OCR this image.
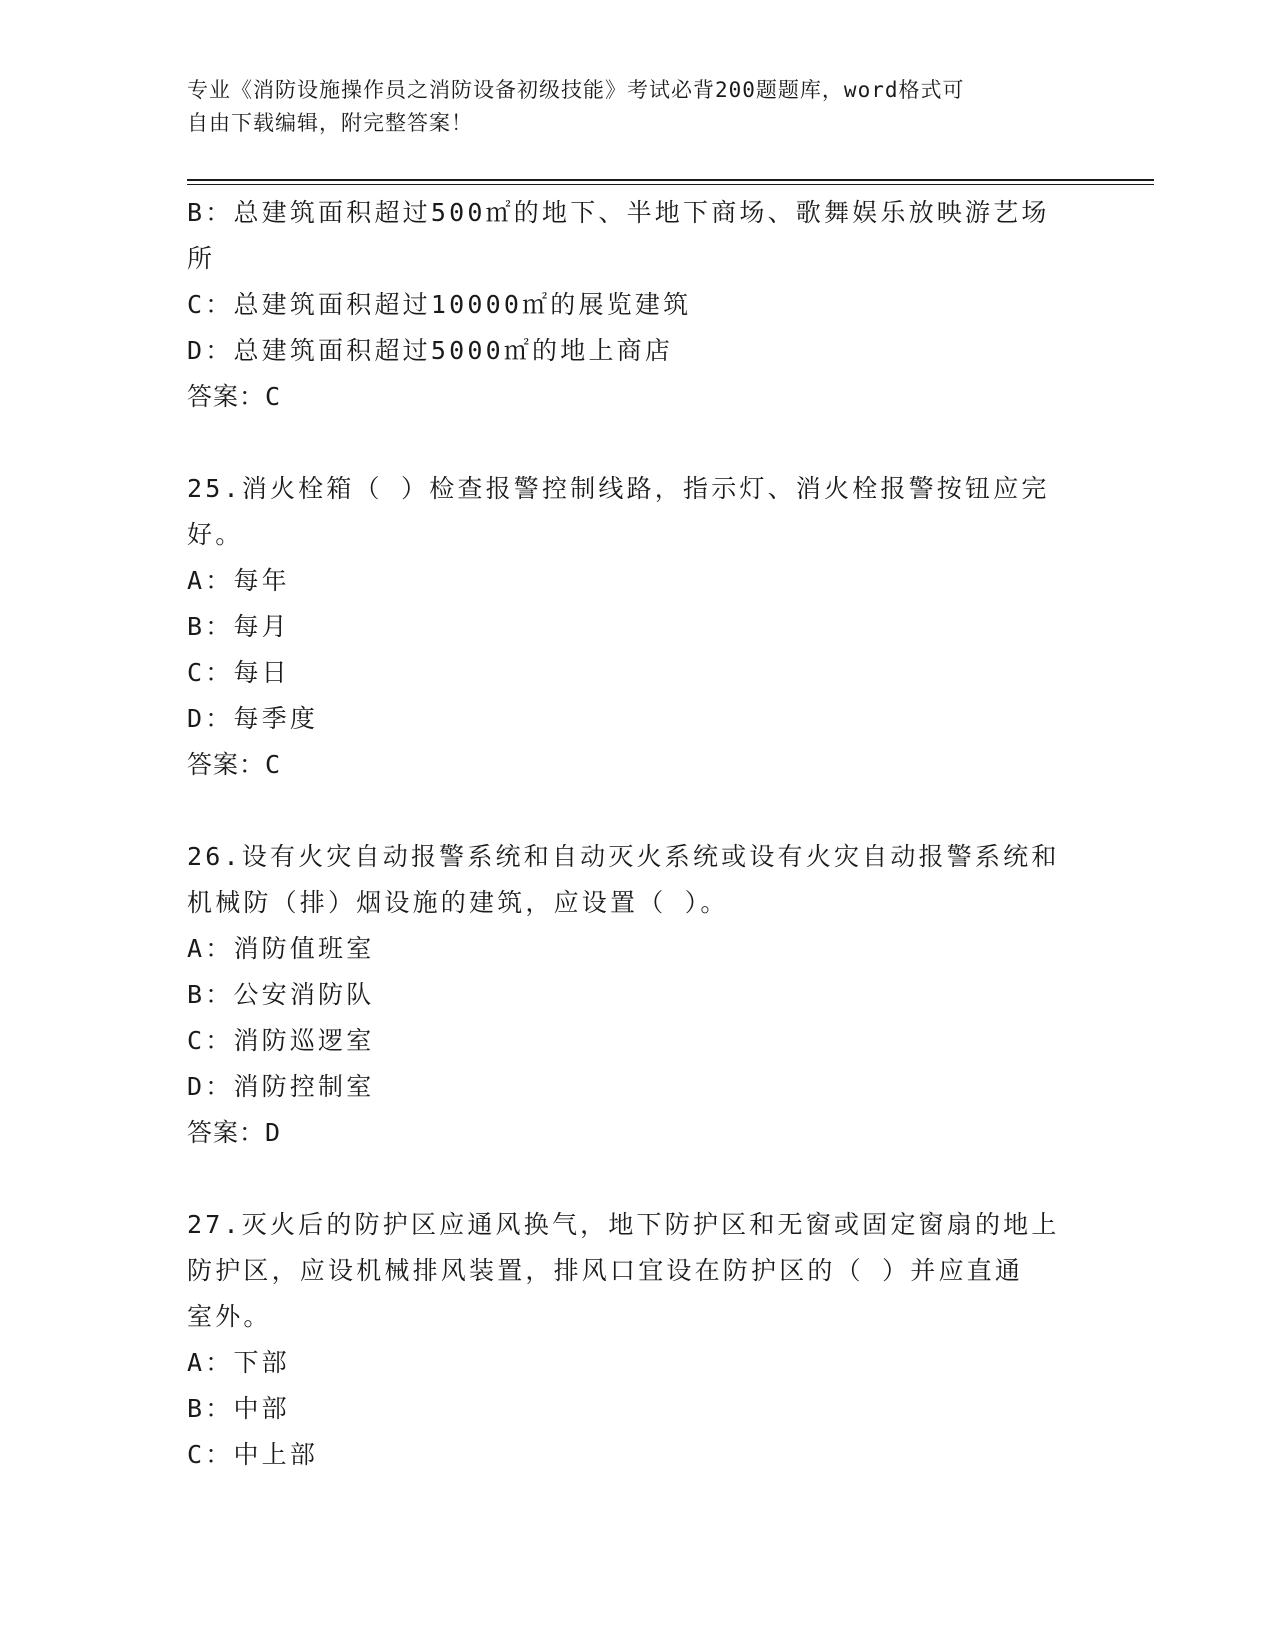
专业《消防设施操作员之消防设备初级技能》考试必背200题题库，word格式可
自由下载编辑，附完整答案！

B：总建筑面积超过500㎡的地下、半地下商场、歌舞娱乐放映游艺场

所

C：总建筑面积超过10000㎡的展览建筑

D：总建筑面积超过5000㎡的地上商店

答案：C

25.消火栓箱（ ）检查报警控制线路，指示灯、消火栓报警按钮应完

好。

A：每年

B：每月

C：每日

D：每季度

答案：C

26.设有火灾自动报警系统和自动灭火系统或设有火灾自动报警系统和

机械防（排）烟设施的建筑，应设置（ ）。

A：消防值班室

B：公安消防队

C：消防巡逻室

D：消防控制室

答案：D

27.灭火后的防护区应通风换气，地下防护区和无窗或固定窗扇的地上

防护区，应设机械排风装置，排风口宜设在防护区的（ ）并应直通

室外。

A：下部

B：中部

C：中上部
